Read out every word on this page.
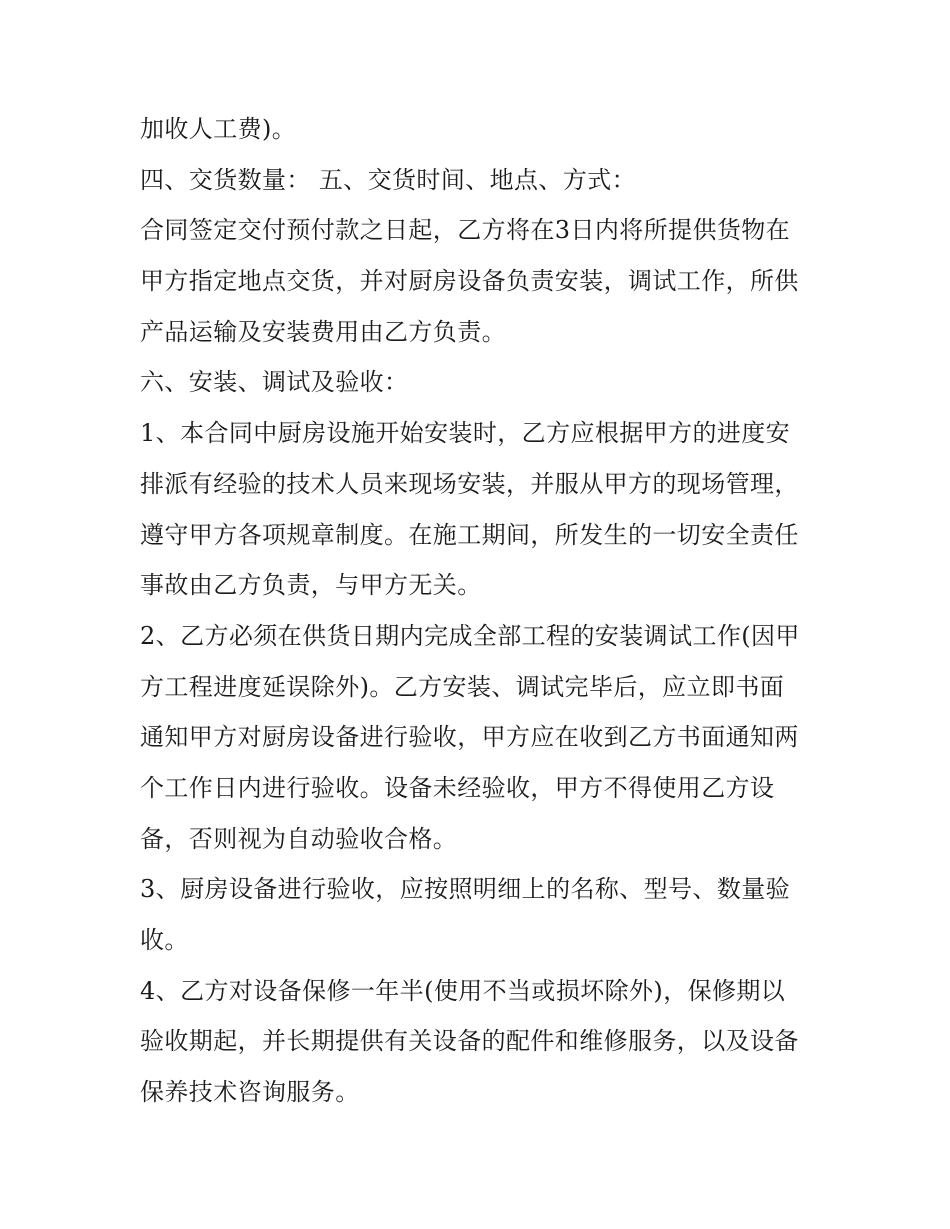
加收人工费)。
四、交货数量： 五、交货时间、地点、方式：
合同签定交付预付款之日起，乙方将在3日内将所提供货物在
甲方指定地点交货，并对厨房设备负责安装，调试工作，所供
产品运输及安装费用由乙方负责。
六、安装、调试及验收：
1、本合同中厨房设施开始安装时，乙方应根据甲方的进度安
排派有经验的技术人员来现场安装，并服从甲方的现场管理，
遵守甲方各项规章制度。在施工期间，所发生的一切安全责任
事故由乙方负责，与甲方无关。
2、乙方必须在供货日期内完成全部工程的安装调试工作(因甲
方工程进度延误除外)。乙方安装、调试完毕后，应立即书面
通知甲方对厨房设备进行验收，甲方应在收到乙方书面通知两
个工作日内进行验收。设备未经验收，甲方不得使用乙方设
备，否则视为自动验收合格。
3、厨房设备进行验收，应按照明细上的名称、型号、数量验
收。
4、乙方对设备保修一年半(使用不当或损坏除外)，保修期以
验收期起，并长期提供有关设备的配件和维修服务，以及设备
保养技术咨询服务。
